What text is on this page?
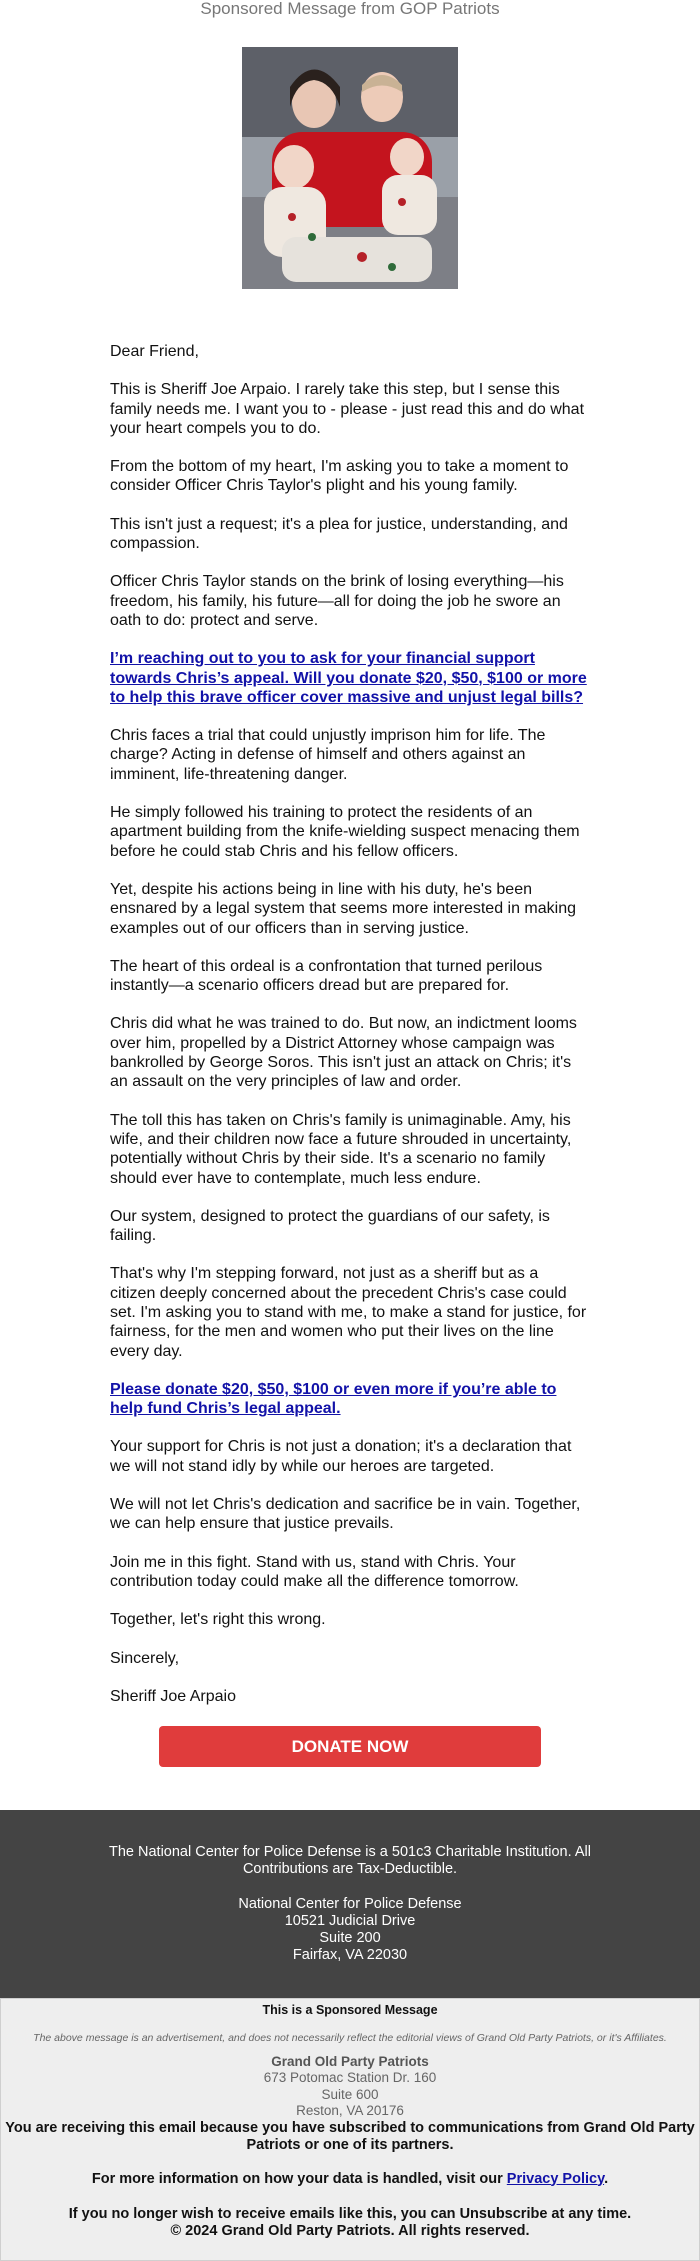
Sponsored Message from GOP Patriots

Dear Friend,

This is Sheriff Joe Arpaio. I rarely take this step, but I sense this family needs me. I want you to - please - just read this and do what your heart compels you to do.

From the bottom of my heart, I'm asking you to take a moment to consider Officer Chris Taylor's plight and his young family.

This isn't just a request; it's a plea for justice, understanding, and compassion.

Officer Chris Taylor stands on the brink of losing everything—his freedom, his family, his future—all for doing the job he swore an oath to do: protect and serve.

I’m reaching out to you to ask for your financial support towards Chris’s appeal. Will you donate $20, $50, $100 or more to help this brave officer cover massive and unjust legal bills?

Chris faces a trial that could unjustly imprison him for life. The charge? Acting in defense of himself and others against an imminent, life-threatening danger.

He simply followed his training to protect the residents of an apartment building from the knife-wielding suspect menacing them before he could stab Chris and his fellow officers.

Yet, despite his actions being in line with his duty, he's been ensnared by a legal system that seems more interested in making examples out of our officers than in serving justice.

The heart of this ordeal is a confrontation that turned perilous instantly—a scenario officers dread but are prepared for.

Chris did what he was trained to do. But now, an indictment looms over him, propelled by a District Attorney whose campaign was bankrolled by George Soros. This isn't just an attack on Chris; it's an assault on the very principles of law and order.

The toll this has taken on Chris's family is unimaginable. Amy, his wife, and their children now face a future shrouded in uncertainty, potentially without Chris by their side. It's a scenario no family should ever have to contemplate, much less endure.

Our system, designed to protect the guardians of our safety, is failing.

That's why I'm stepping forward, not just as a sheriff but as a citizen deeply concerned about the precedent Chris's case could set. I'm asking you to stand with me, to make a stand for justice, for fairness, for the men and women who put their lives on the line every day.

Please donate $20, $50, $100 or even more if you’re able to help fund Chris’s legal appeal.

Your support for Chris is not just a donation; it's a declaration that we will not stand idly by while our heroes are targeted.

We will not let Chris's dedication and sacrifice be in vain. Together, we can help ensure that justice prevails.

Join me in this fight. Stand with us, stand with Chris. Your contribution today could make all the difference tomorrow.

Together, let's right this wrong.

Sincerely,

Sheriff Joe Arpaio

DONATE NOW
The National Center for Police Defense is a 501c3 Charitable Institution. All Contributions are Tax-Deductible.
National Center for Police Defense
10521 Judicial Drive
Suite 200
Fairfax, VA 22030
This is a Sponsored Message
The above message is an advertisement, and does not necessarily reflect the editorial views of Grand Old Party Patriots, or it's Affiliates.
Grand Old Party Patriots
673 Potomac Station Dr. 160
Suite 600
Reston, VA 20176
You are receiving this email because you have subscribed to communications from Grand Old Party Patriots or one of its partners.
For more information on how your data is handled, visit our Privacy Policy.
If you no longer wish to receive emails like this, you can Unsubscribe at any time.
© 2024 Grand Old Party Patriots. All rights reserved.
